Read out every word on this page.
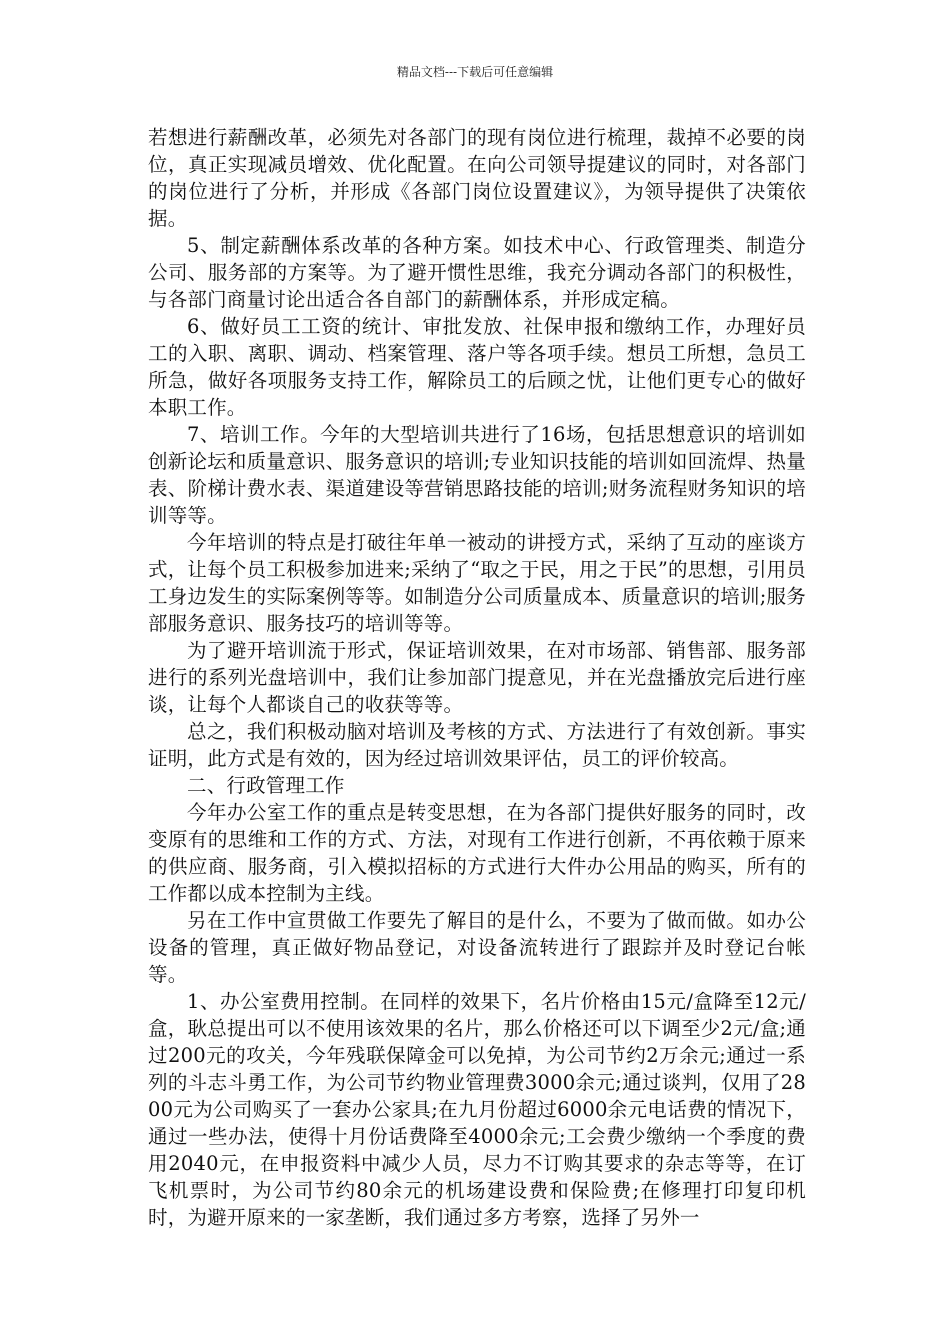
精品文档---下载后可任意编辑

若想进行薪酬改革，必须先对各部门的现有岗位进行梳理，裁掉不必要的岗位，真正实现减员增效、优化配置。在向公司领导提建议的同时，对各部门的岗位进行了分析，并形成《各部门岗位设置建议》，为领导提供了决策依据。

5、制定薪酬体系改革的各种方案。如技术中心、行政管理类、制造分公司、服务部的方案等。为了避开惯性思维，我充分调动各部门的积极性，与各部门商量讨论出适合各自部门的薪酬体系，并形成定稿。

6、做好员工工资的统计、审批发放、社保申报和缴纳工作，办理好员工的入职、离职、调动、档案管理、落户等各项手续。想员工所想，急员工所急，做好各项服务支持工作，解除员工的后顾之忧，让他们更专心的做好本职工作。

7、培训工作。今年的大型培训共进行了16场，包括思想意识的培训如创新论坛和质量意识、服务意识的培训;专业知识技能的培训如回流焊、热量表、阶梯计费水表、渠道建设等营销思路技能的培训;财务流程财务知识的培训等等。

今年培训的特点是打破往年单一被动的讲授方式，采纳了互动的座谈方式，让每个员工积极参加进来;采纳了“取之于民，用之于民”的思想，引用员工身边发生的实际案例等等。如制造分公司质量成本、质量意识的培训;服务部服务意识、服务技巧的培训等等。

为了避开培训流于形式，保证培训效果，在对市场部、销售部、服务部进行的系列光盘培训中，我们让参加部门提意见，并在光盘播放完后进行座谈，让每个人都谈自己的收获等等。

总之，我们积极动脑对培训及考核的方式、方法进行了有效创新。事实证明，此方式是有效的，因为经过培训效果评估，员工的评价较高。

二、行政管理工作

今年办公室工作的重点是转变思想，在为各部门提供好服务的同时，改变原有的思维和工作的方式、方法，对现有工作进行创新，不再依赖于原来的供应商、服务商，引入模拟招标的方式进行大件办公用品的购买，所有的工作都以成本控制为主线。

另在工作中宣贯做工作要先了解目的是什么，不要为了做而做。如办公设备的管理，真正做好物品登记，对设备流转进行了跟踪并及时登记台帐等。

1、办公室费用控制。在同样的效果下，名片价格由15元/盒降至12元/盒，耿总提出可以不使用该效果的名片，那么价格还可以下调至少2元/盒;通过200元的攻关，今年残联保障金可以免掉，为公司节约2万余元;通过一系列的斗志斗勇工作，为公司节约物业管理费3000余元;通过谈判，仅用了2800元为公司购买了一套办公家具;在九月份超过6000余元电话费的情况下，通过一些办法，使得十月份话费降至4000余元;工会费少缴纳一个季度的费用2040元，在申报资料中减少人员，尽力不订购其要求的杂志等等，在订飞机票时，为公司节约80余元的机场建设费和保险费;在修理打印复印机时，为避开原来的一家垄断，我们通过多方考察，选择了另外一
